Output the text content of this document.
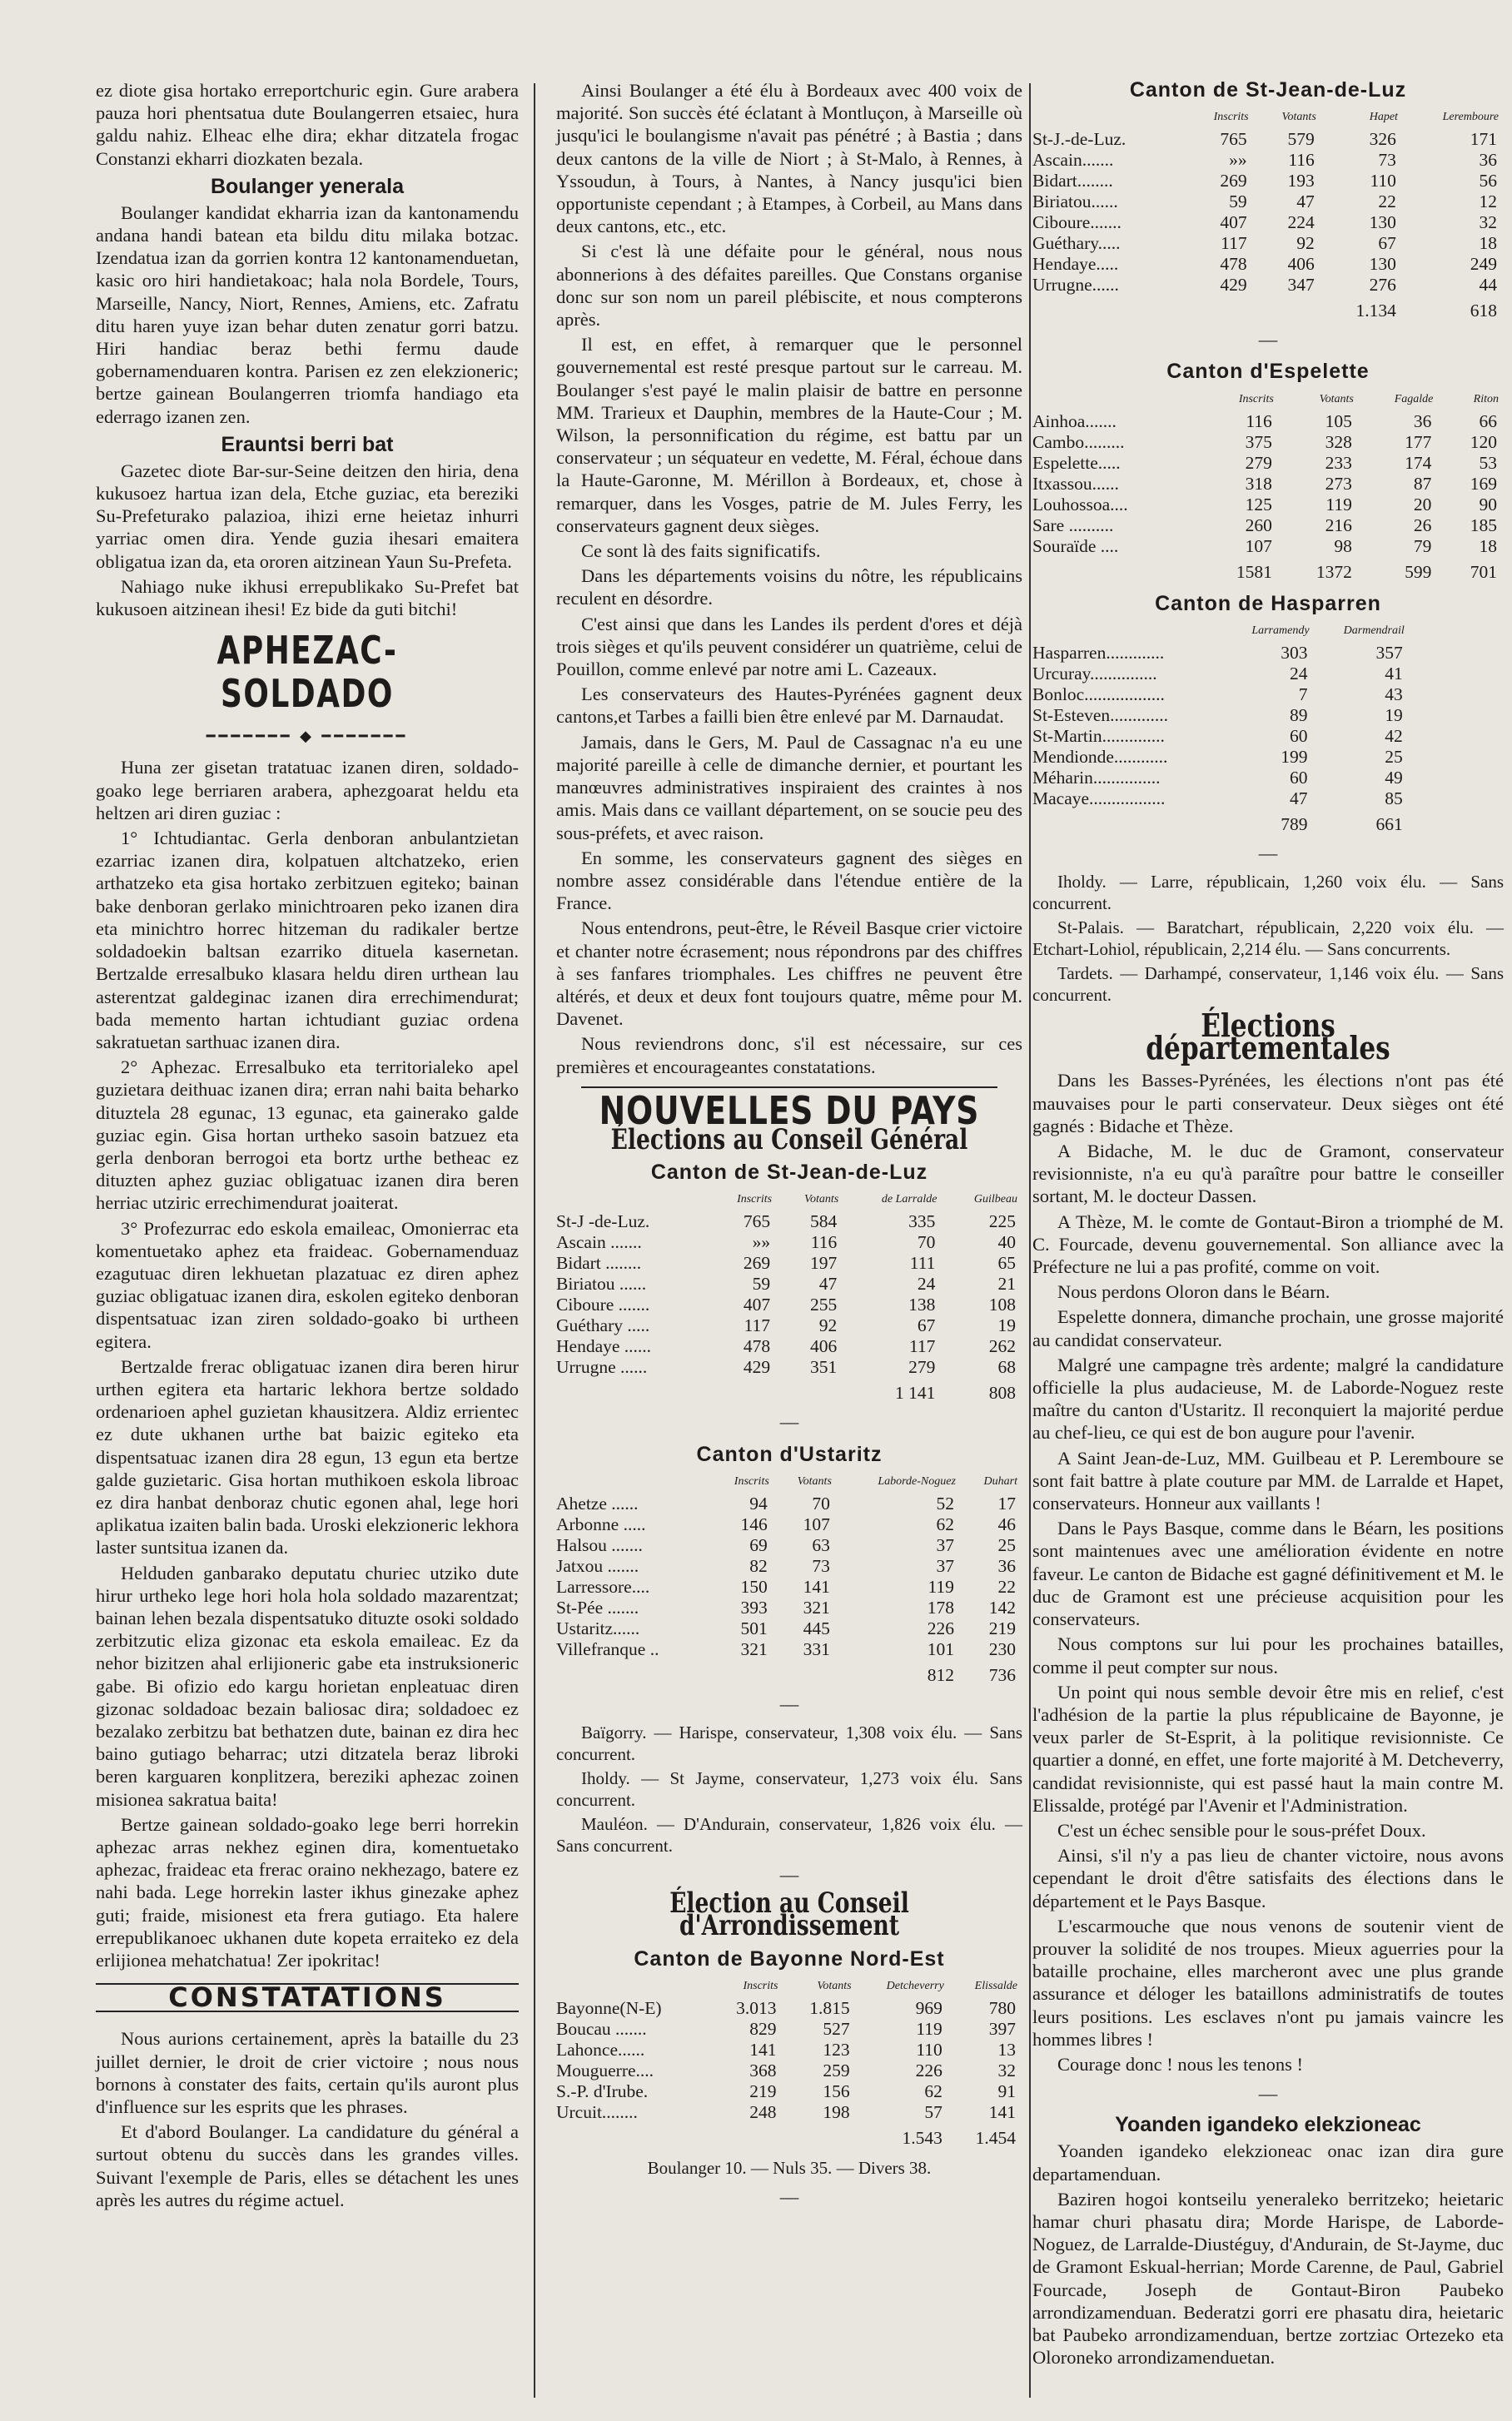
ez diote gisa hortako erreportchuric egin. Gure arabera pauza hori phentsatua dute Boulangerren etsaiec, hura galdu nahiz. Elheac elhe dira; ekhar ditzatela frogac Constanzi ekharri diozkaten bezala.

Boulanger yenerala

Boulanger kandidat ekharria izan da kantonamendu andana handi batean eta bildu ditu milaka botzac. Izendatua izan da gorrien kontra 12 kantonamenduetan, kasic oro hiri handietakoac; hala nola Bordele, Tours, Marseille, Nancy, Niort, Rennes, Amiens, etc. Zafratu ditu haren yuye izan behar duten zenatur gorri batzu. Hiri handiac beraz bethi fermu daude gobernamenduaren kontra. Parisen ez zen elekzioneric; bertze gainean Boulangerren triomfa handiago eta ederrago izanen zen.

Erauntsi berri bat

Gazetec diote Bar-sur-Seine deitzen den hiria, dena kukusoez hartua izan dela, Etche guziac, eta bereziki Su-Prefeturako palazioa, ihizi erne heietaz inhurri yarriac omen dira. Yende guzia ihesari emaitera obligatua izan da, eta ororen aitzinean Yaun Su-Prefeta.

Nahiago nuke ikhusi errepublikako Su-Prefet bat kukusoen aitzinean ihesi! Ez bide da guti bitchi!

APHEZAC-SOLDADO
━━━━━━━ ◆ ━━━━━━━

Huna zer gisetan tratatuac izanen diren, soldado-goako lege berriaren arabera, aphezgoarat heldu eta heltzen ari diren guziac :

1° Ichtudiantac. Gerla denboran anbulantzietan ezarriac izanen dira, kolpatuen altchatzeko, erien arthatzeko eta gisa hortako zerbitzuen egiteko; bainan bake denboran gerlako minichtroaren peko izanen dira eta minichtro horrec hitzeman du radikaler bertze soldadoekin baltsan ezarriko dituela kasernetan. Bertzalde erresalbuko klasara heldu diren urthean lau asterentzat galdeginac izanen dira errechimendurat; bada memento hartan ichtudiant guziac ordena sakratuetan sarthuac izanen dira.

2° Aphezac. Erresalbuko eta territorialeko apel guzietara deithuac izanen dira; erran nahi baita beharko dituztela 28 egunac, 13 egunac, eta gainerako galde guziac egin. Gisa hortan urtheko sasoin batzuez eta gerla denboran berrogoi eta bortz urthe betheac ez dituzten aphez guziac obligatuac izanen dira beren herriac utziric errechimendurat joaiterat.

3° Profezurrac edo eskola emaileac, Omonierrac eta komentuetako aphez eta fraideac. Gobernamenduaz ezagutuac diren lekhuetan plazatuac ez diren aphez guziac obligatuac izanen dira, eskolen egiteko denboran dispentsatuac izan ziren soldado-goako bi urtheen egitera.

Bertzalde frerac obligatuac izanen dira beren hirur urthen egitera eta hartaric lekhora bertze soldado ordenarioen aphel guzietan khausitzera. Aldiz errientec ez dute ukhanen urthe bat baizic egiteko eta dispentsatuac izanen dira 28 egun, 13 egun eta bertze galde guzietaric. Gisa hortan muthikoen eskola libroac ez dira hanbat denboraz chutic egonen ahal, lege hori aplikatua izaiten balin bada. Uroski elekzioneric lekhora laster suntsitua izanen da.

Helduden ganbarako deputatu churiec utziko dute hirur urtheko lege hori hola hola soldado mazarentzat; bainan lehen bezala dispentsatuko dituzte osoki soldado zerbitzutic eliza gizonac eta eskola emaileac. Ez da nehor bizitzen ahal erlijioneric gabe eta instruksioneric gabe. Bi ofizio edo kargu horietan enpleatuac diren gizonac soldadoac bezain baliosac dira; soldadoec ez bezalako zerbitzu bat bethatzen dute, bainan ez dira hec baino gutiago beharrac; utzi ditzatela beraz libroki beren karguaren konplitzera, bereziki aphezac zoinen misionea sakratua baita!

Bertze gainean soldado-goako lege berri horrekin aphezac arras nekhez eginen dira, komentuetako aphezac, fraideac eta frerac oraino nekhezago, batere ez nahi bada. Lege horrekin laster ikhus ginezake aphez guti; fraide, misionest eta frera gutiago. Eta halere errepublikanoec ukhanen dute kopeta erraiteko ez dela erlijionea mehatchatua! Zer ipokritac!

CONSTATATIONS

Nous aurions certainement, après la bataille du 23 juillet dernier, le droit de crier victoire ; nous nous bornons à constater des faits, certain qu'ils auront plus d'influence sur les esprits que les phrases.

Et d'abord Boulanger. La candidature du général a surtout obtenu du succès dans les grandes villes. Suivant l'exemple de Paris, elles se détachent les unes après les autres du régime actuel.

Ainsi Boulanger a été élu à Bordeaux avec 400 voix de majorité. Son succès été éclatant à Montluçon, à Marseille où jusqu'ici le boulangisme n'avait pas pénétré ; à Bastia ; dans deux cantons de la ville de Niort ; à St-Malo, à Rennes, à Yssoudun, à Tours, à Nantes, à Nancy jusqu'ici bien opportuniste cependant ; à Etampes, à Corbeil, au Mans dans deux cantons, etc., etc.

Si c'est là une défaite pour le général, nous nous abonnerions à des défaites pareilles. Que Constans organise donc sur son nom un pareil plébiscite, et nous compterons après.

Il est, en effet, à remarquer que le personnel gouvernemental est resté presque partout sur le carreau. M. Boulanger s'est payé le malin plaisir de battre en personne MM. Trarieux et Dauphin, membres de la Haute-Cour ; M. Wilson, la personnification du régime, est battu par un conservateur ; un séquateur en vedette, M. Féral, échoue dans la Haute-Garonne, M. Mérillon à Bordeaux, et, chose à remarquer, dans les Vosges, patrie de M. Jules Ferry, les conservateurs gagnent deux sièges.

Ce sont là des faits significatifs.

Dans les départements voisins du nôtre, les républicains reculent en désordre.

C'est ainsi que dans les Landes ils perdent d'ores et déjà trois sièges et qu'ils peuvent considérer un quatrième, celui de Pouillon, comme enlevé par notre ami L. Cazeaux.

Les conservateurs des Hautes-Pyrénées gagnent deux cantons,et Tarbes a failli bien être enlevé par M. Darnaudat.

Jamais, dans le Gers, M. Paul de Cassagnac n'a eu une majorité pareille à celle de dimanche dernier, et pourtant les manœuvres administratives inspiraient des craintes à nos amis. Mais dans ce vaillant département, on se soucie peu des sous-préfets, et avec raison.

En somme, les conservateurs gagnent des sièges en nombre assez considérable dans l'étendue entière de la France.

Nous entendrons, peut-être, le Réveil Basque crier victoire et chanter notre écrasement; nous répondrons par des chiffres à ses fanfares triomphales. Les chiffres ne peuvent être altérés, et deux et deux font toujours quatre, même pour M. Davenet.

Nous reviendrons donc, s'il est nécessaire, sur ces premières et encourageantes constatations.

NOUVELLES DU PAYS
Élections au Conseil Général
Canton de St-Jean-de-Luz
	Inscrits	Votants	de Larralde	Guilbeau
St-J -de-Luz.	765	584	335	225
Ascain .......	»»	116	70	40
Bidart ........	269	197	111	65
Biriatou ......	59	47	24	21
Ciboure .......	407	255	138	108
Guéthary .....	117	92	67	19
Hendaye ......	478	406	117	262
Urrugne ......	429	351	279	68
			1 141	808
—
Canton d'Ustaritz
	Inscrits	Votants	Laborde-Noguez	Duhart
Ahetze ......	94	70	52	17
Arbonne .....	146	107	62	46
Halsou .......	69	63	37	25
Jatxou .......	82	73	37	36
Larressore....	150	141	119	22
St-Pée .......	393	321	178	142
Ustaritz......	501	445	226	219
Villefranque ..	321	331	101	230
			812	736
—

Baïgorry. — Harispe, conservateur, 1,308 voix élu. — Sans concurrent.

Iholdy. — St Jayme, conservateur, 1,273 voix élu. Sans concurrent.

Mauléon. — D'Andurain, conservateur, 1,826 voix élu. — Sans concurrent.

—
Élection au Conseil d'Arrondissement
Canton de Bayonne Nord-Est
	Inscrits	Votants	Detcheverry	Elissalde
Bayonne(N-E)	3.013	1.815	969	780
Boucau .......	829	527	119	397
Lahonce......	141	123	110	13
Mouguerre....	368	259	226	32
S.-P. d'Irube.	219	156	62	91
Urcuit........	248	198	57	141
			1.543	1.454

Boulanger 10. — Nuls 35. — Divers 38.

—
Canton de St-Jean-de-Luz
	Inscrits	Votants	Hapet	Leremboure
St-J.-de-Luz.	765	579	326	171
Ascain.......	»»	116	73	36
Bidart........	269	193	110	56
Biriatou......	59	47	22	12
Ciboure.......	407	224	130	32
Guéthary.....	117	92	67	18
Hendaye.....	478	406	130	249
Urrugne......	429	347	276	44
			1.134	618
—
Canton d'Espelette
	Inscrits	Votants	Fagalde	Riton
Ainhoa.......	116	105	36	66
Cambo.........	375	328	177	120
Espelette.....	279	233	174	53
Itxassou......	318	273	87	169
Louhossoa....	125	119	20	90
Sare ..........	260	216	26	185
Souraïde ....	107	98	79	18
	1581	1372	599	701
Canton de Hasparren
	Larramendy	Darmendrail
Hasparren.............	303	357
Urcuray...............	24	41
Bonloc..................	7	43
St-Esteven.............	89	19
St-Martin..............	60	42
Mendionde............	199	25
Méharin...............	60	49
Macaye.................	47	85
	789	661
—

Iholdy. — Larre, républicain, 1,260 voix élu. — Sans concurrent.

St-Palais. — Baratchart, républicain, 2,220 voix élu. — Etchart-Lohiol, républicain, 2,214 élu. — Sans concurrents.

Tardets. — Darhampé, conservateur, 1,146 voix élu. — Sans concurrent.

Élections départementales

Dans les Basses-Pyrénées, les élections n'ont pas été mauvaises pour le parti conservateur. Deux sièges ont été gagnés : Bidache et Thèze.

A Bidache, M. le duc de Gramont, conservateur revisionniste, n'a eu qu'à paraître pour battre le conseiller sortant, M. le docteur Dassen.

A Thèze, M. le comte de Gontaut-Biron a triomphé de M. C. Fourcade, devenu gouvernemental. Son alliance avec la Préfecture ne lui a pas profité, comme on voit.

Nous perdons Oloron dans le Béarn.

Espelette donnera, dimanche prochain, une grosse majorité au candidat conservateur.

Malgré une campagne très ardente; malgré la candidature officielle la plus audacieuse, M. de Laborde-Noguez reste maître du canton d'Ustaritz. Il reconquiert la majorité perdue au chef-lieu, ce qui est de bon augure pour l'avenir.

A Saint Jean-de-Luz, MM. Guilbeau et P. Leremboure se sont fait battre à plate couture par MM. de Larralde et Hapet, conservateurs. Honneur aux vaillants !

Dans le Pays Basque, comme dans le Béarn, les positions sont maintenues avec une amélioration évidente en notre faveur. Le canton de Bidache est gagné définitivement et M. le duc de Gramont est une précieuse acquisition pour les conservateurs.

Nous comptons sur lui pour les prochaines batailles, comme il peut compter sur nous.

Un point qui nous semble devoir être mis en relief, c'est l'adhésion de la partie la plus républicaine de Bayonne, je veux parler de St-Esprit, à la politique revisionniste. Ce quartier a donné, en effet, une forte majorité à M. Detcheverry, candidat revisionniste, qui est passé haut la main contre M. Elissalde, protégé par l'Avenir et l'Administration.

C'est un échec sensible pour le sous-préfet Doux.

Ainsi, s'il n'y a pas lieu de chanter victoire, nous avons cependant le droit d'être satisfaits des élections dans le département et le Pays Basque.

L'escarmouche que nous venons de soutenir vient de prouver la solidité de nos troupes. Mieux aguerries pour la bataille prochaine, elles marcheront avec une plus grande assurance et déloger les bataillons administratifs de toutes leurs positions. Les esclaves n'ont pu jamais vaincre les hommes libres !

Courage donc ! nous les tenons !

—
Yoanden igandeko elekzioneac

Yoanden igandeko elekzioneac onac izan dira gure departamenduan.

Baziren hogoi kontseilu yeneraleko berritzeko; heietaric hamar churi phasatu dira; Morde Harispe, de Laborde-Noguez, de Larralde-Diustéguy, d'Andurain, de St-Jayme, duc de Gramont Eskual-herrian; Morde Carenne, de Paul, Gabriel Fourcade, Joseph de Gontaut-Biron Paubeko arrondizamenduan. Bederatzi gorri ere phasatu dira, heietaric bat Paubeko arrondizamenduan, bertze zortziac Ortezeko eta Oloroneko arrondizamenduetan.
